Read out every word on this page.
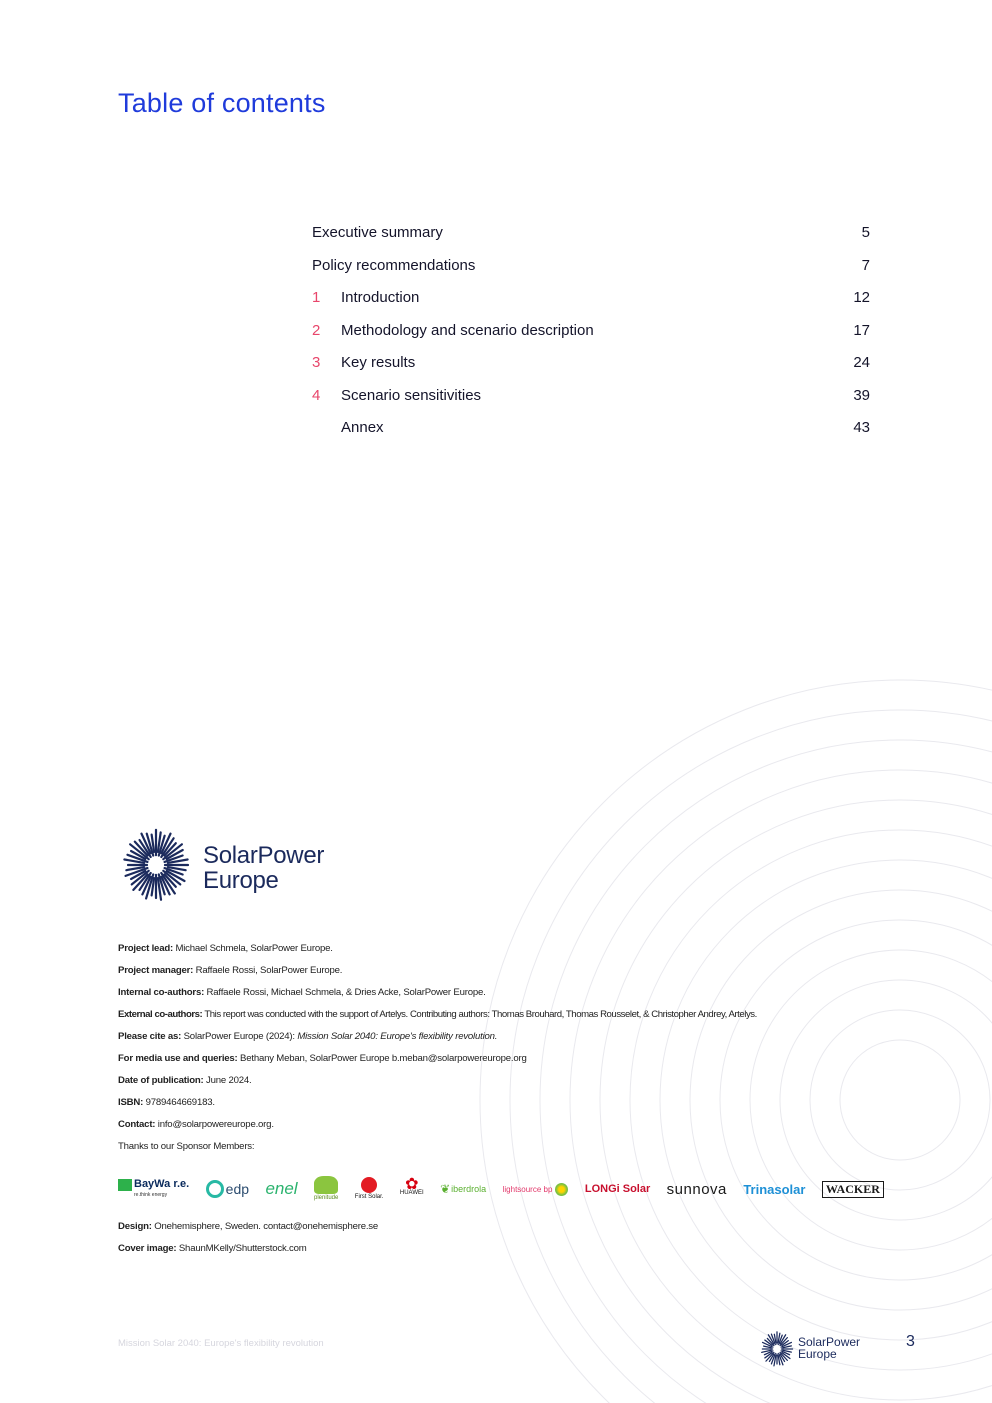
Table of contents
Executive summary	5
Policy recommendations	7
1 Introduction	12
2 Methodology and scenario description	17
3 Key results	24
4 Scenario sensitivities	39
Annex	43
SolarPower
Europe
Project lead: Michael Schmela, SolarPower Europe.
Project manager: Raffaele Rossi, SolarPower Europe.
Internal co-authors: Raffaele Rossi, Michael Schmela, & Dries Acke, SolarPower Europe.
External co-authors: This report was conducted with the support of Artelys. Contributing authors: Thomas Brouhard, Thomas Rousselet, & Christopher Andrey, Artelys.
Please cite as: SolarPower Europe (2024): Mission Solar 2040: Europe's flexibility revolution.
For media use and queries: Bethany Meban, SolarPower Europe b.meban@solarpowereurope.org
Date of publication: June 2024.
ISBN: 9789464669183.
Contact: info@solarpowereurope.org.
Thanks to our Sponsor Members:
BayWa r.e.
re.think energy	edp enel	plenitude	First Solar.
✿
HUAWEI ❦ iberdrola lightsource bp	LONGi Solar sunnova Trinasolar	WACKER
Design: Onehemisphere, Sweden. contact@onehemisphere.se
Cover image: ShaunMKelly/Shutterstock.com
Mission Solar 2040: Europe's flexibility revolution	SolarPower
Europe
3
